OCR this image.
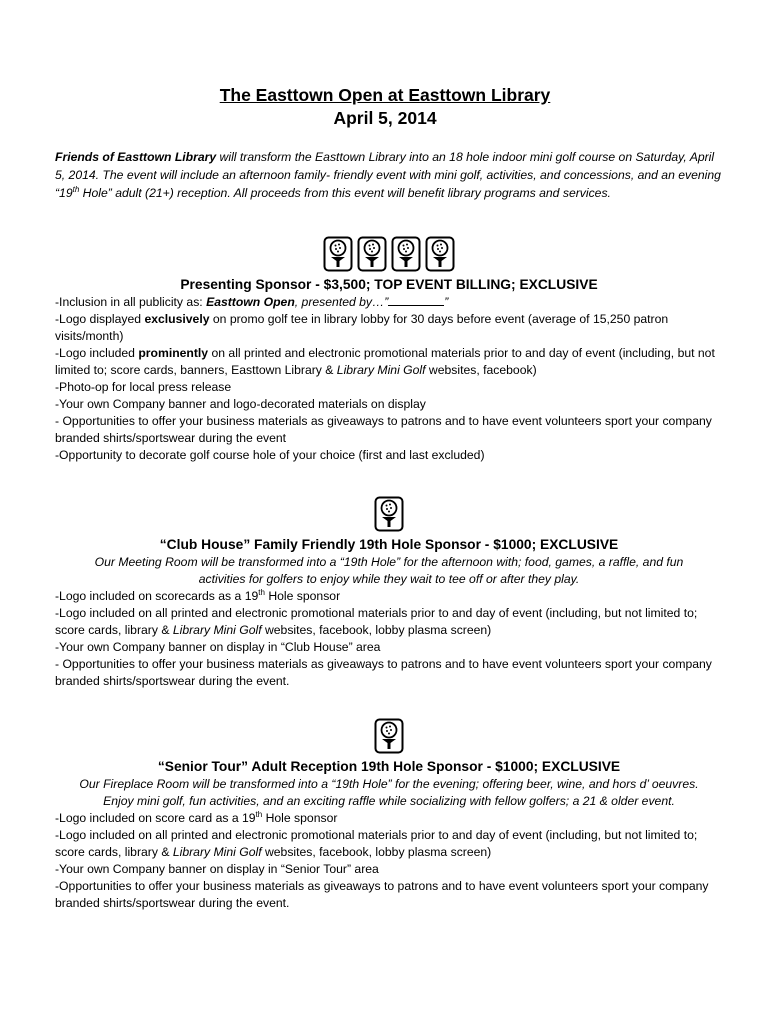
The Easttown Open at Easttown Library
April 5, 2014
Friends of Easttown Library will transform the Easttown Library into an 18 hole indoor mini golf course on Saturday, April 5, 2014. The event will include an afternoon family- friendly event with mini golf, activities, and concessions, and an evening “19th Hole” adult (21+) reception. All proceeds from this event will benefit library programs and services.
Presenting Sponsor - $3,500; TOP EVENT BILLING; EXCLUSIVE
-Inclusion in all publicity as: Easttown Open, presented by…”	”
-Logo displayed exclusively on promo golf tee in library lobby for 30 days before event (average of 15,250 patron visits/month)
-Logo included prominently on all printed and electronic promotional materials prior to and day of event (including, but not limited to; score cards, banners, Easttown Library & Library Mini Golf websites, facebook)
-Photo-op for local press release
-Your own Company banner and logo-decorated materials on display
- Opportunities to offer your business materials as giveaways to patrons and to have event volunteers sport your company branded shirts/sportswear during the event
-Opportunity to decorate golf course hole of your choice (first and last excluded)
“Club House” Family Friendly 19th Hole Sponsor - $1000; EXCLUSIVE
Our Meeting Room will be transformed into a “19th Hole” for the afternoon with; food, games, a raffle, and fun
activities for golfers to enjoy while they wait to tee off or after they play.
-Logo included on scorecards as a 19th Hole sponsor
-Logo included on all printed and electronic promotional materials prior to and day of event (including, but not limited to; score cards, library & Library Mini Golf websites, facebook, lobby plasma screen)
-Your own Company banner on display in “Club House” area
- Opportunities to offer your business materials as giveaways to patrons and to have event volunteers sport your company branded shirts/sportswear during the event.
“Senior Tour” Adult Reception 19th Hole Sponsor - $1000; EXCLUSIVE
Our Fireplace Room will be transformed into a “19th Hole” for the evening; offering beer, wine, and hors d’ oeuvres.
Enjoy mini golf, fun activities, and an exciting raffle while socializing with fellow golfers; a 21 & older event.
-Logo included on score card as a 19th Hole sponsor
-Logo included on all printed and electronic promotional materials prior to and day of event (including, but not limited to; score cards, library & Library Mini Golf websites, facebook, lobby plasma screen)
-Your own Company banner on display in “Senior Tour” area
-Opportunities to offer your business materials as giveaways to patrons and to have event volunteers sport your company branded shirts/sportswear during the event.
